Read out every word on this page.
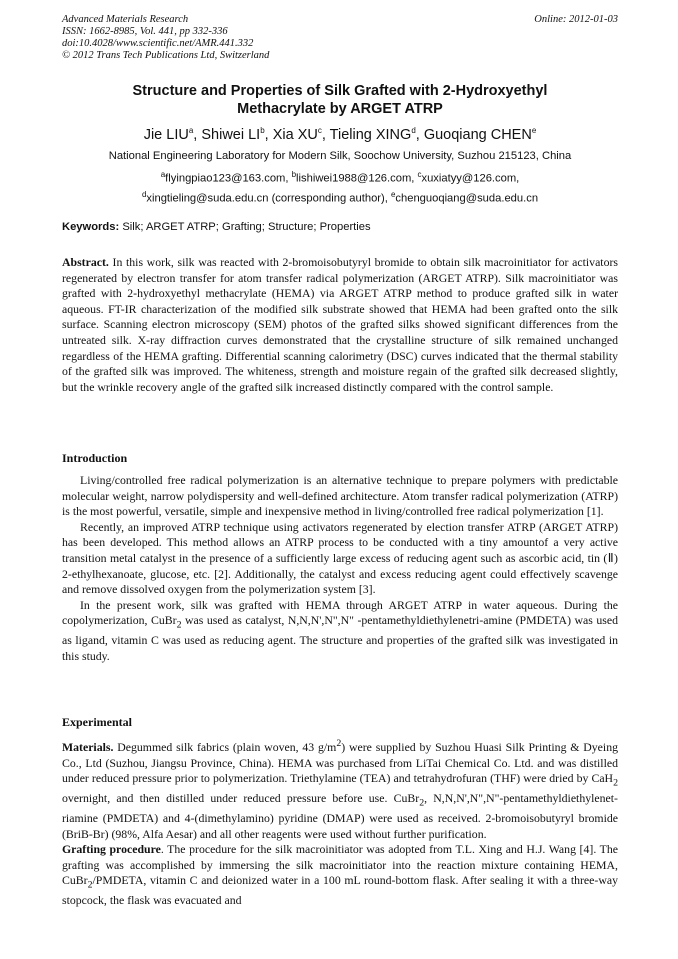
Advanced Materials Research
ISSN: 1662-8985, Vol. 441, pp 332-336
doi:10.4028/www.scientific.net/AMR.441.332
© 2012 Trans Tech Publications Ltd, Switzerland
Online: 2012-01-03
Structure and Properties of Silk Grafted with 2-Hydroxyethyl
Methacrylate by ARGET ATRP
Jie LIU$^a$, Shiwei $LI^b$, Xia $XU^c$, Tieling XING$^d$, Guoqiang CHEN$^e$
National Engineering Laboratory for Modern Silk, Soochow University, Suzhou 215123, China
$^a$flyingpiao123@163.com, $^b$lishiwei1988@126.com, $^c$xuxiatyy@126.com,
$^d$xingtieling@suda.edu.cn (corresponding author), $^e$chenguoqiang@suda.edu.cn
Keywords: Silk; ARGET ATRP; Grafting; Structure; Properties

Abstract. In this work, silk was reacted with 2-bromoisobutyryl bromide to obtain silk macroinitiator for activators regenerated by electron transfer for atom transfer radical polymerization (ARGET ATRP). Silk macroinitiator was grafted with 2-hydroxyethyl methacrylate (HEMA) via ARGET ATRP method to produce grafted silk in water aqueous. FT-IR characterization of the modified silk substrate showed that HEMA had been grafted onto the silk surface. Scanning electron microscopy (SEM) photos of the grafted silks showed significant differences from the untreated silk. X-ray diffraction curves demonstrated that the crystalline structure of silk remained unchanged regardless of the HEMA grafting. Differential scanning calorimetry (DSC) curves indicated that the thermal stability of the grafted silk was improved. The whiteness, strength and moisture regain of the grafted silk decreased slightly, but the wrinkle recovery angle of the grafted silk increased distinctly compared with the control sample.

Introduction

Living/controlled free radical polymerization is an alternative technique to prepare polymers with predictable molecular weight, narrow polydispersity and well-defined architecture. Atom transfer radical polymerization (ATRP) is the most powerful, versatile, simple and inexpensive method in living/controlled free radical polymerization [1].

Recently, an improved ATRP technique using activators regenerated by election transfer ATRP (ARGET ATRP) has been developed. This method allows an ATRP process to be conducted with a tiny amountof a very active transition metal catalyst in the presence of a sufficiently large excess of reducing agent such as ascorbic acid, tin (Ⅱ) 2-ethylhexanoate, glucose, etc. [2]. Additionally, the catalyst and excess reducing agent could effectively scavenge and remove dissolved oxygen from the polymerization system [3].

In the present work, silk was grafted with HEMA through ARGET ATRP in water aqueous. During the copolymerization, CuBr$_2$ was used as catalyst, N,N,N',N",N" -pentamethyldiethylenetri-amine (PMDETA) was used as ligand, vitamin C was used as reducing agent. The structure and properties of the grafted silk was investigated in this study.

Experimental

Materials. Degummed silk fabrics (plain woven, 43 $g/m^2$) were supplied by Suzhou Huasi Silk Printing & Dyeing Co., Ltd (Suzhou, Jiangsu Province, China). HEMA was purchased from LiTai Chemical Co. Ltd. and was distilled under reduced pressure prior to polymerization. Triethylamine (TEA) and tetrahydrofuran (THF) were dried by CaH$_2$ overnight, and then distilled under reduced pressure before use. CuBr$_2$, N,N,N',N",N"-pentamethyldiethylenet-riamine (PMDETA) and 4-(dimethylamino) pyridine (DMAP) were used as received. 2-bromoisobutyryl bromide (BriB-Br) (98%, Alfa Aesar) and all other reagents were used without further purification.

Grafting procedure. The procedure for the silk macroinitiator was adopted from T.L. Xing and H.J. Wang [4]. The grafting was accomplished by immersing the silk macroinitiator into the reaction mixture containing HEMA, CuBr$_2$/PMDETA, vitamin C and deionized water in a 100 mL round-bottom flask. After sealing it with a three-way stopcock, the flask was evacuated and
